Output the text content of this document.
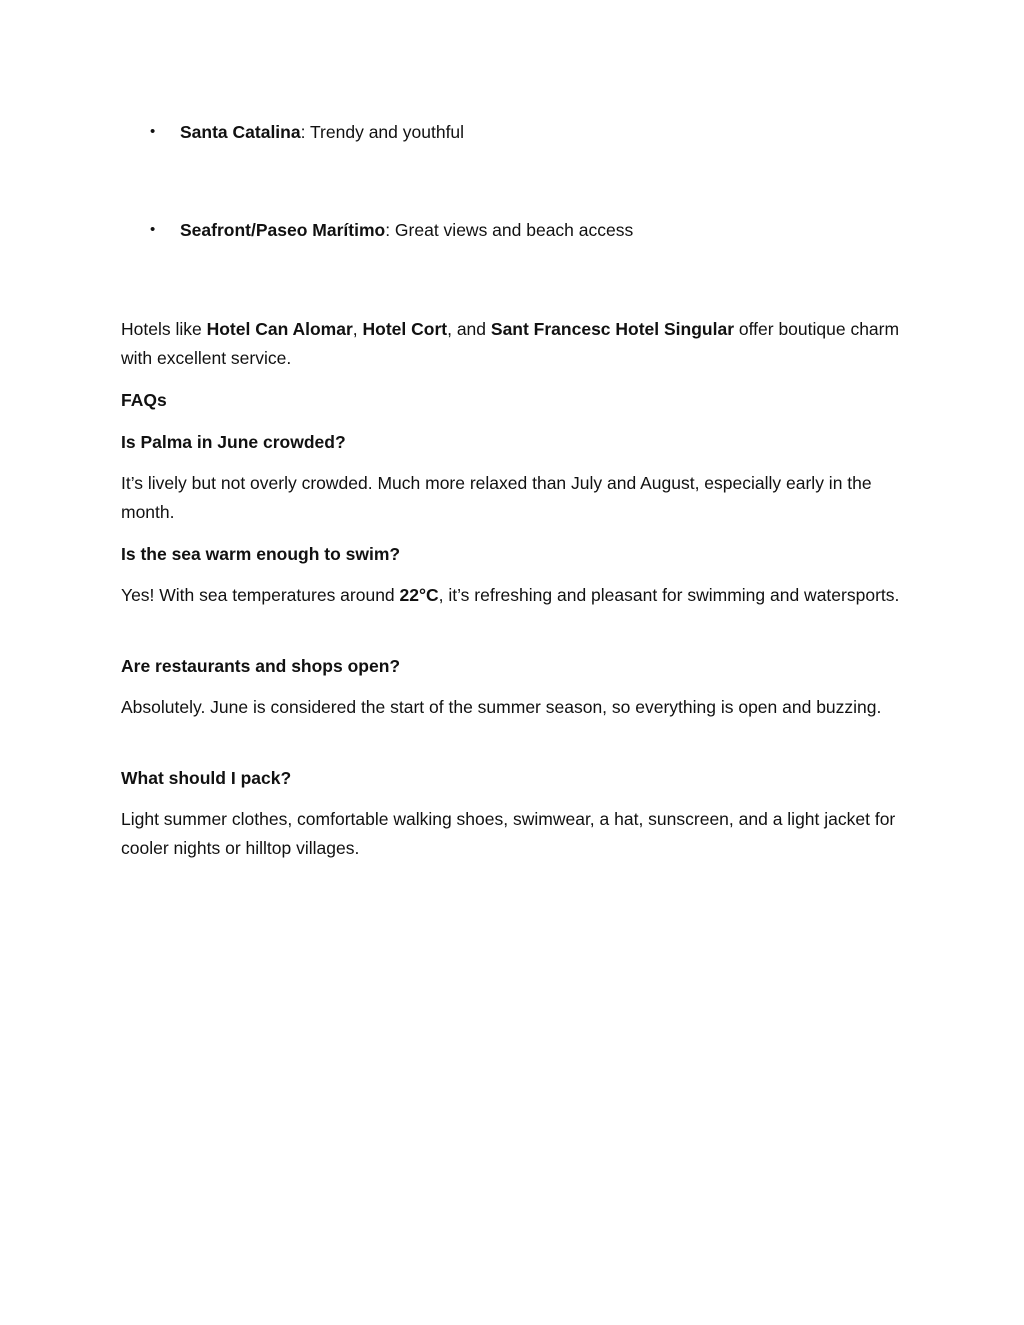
•	Santa Catalina: Trendy and youthful
•	Seafront/Paseo Marítimo: Great views and beach access

Hotels like Hotel Can Alomar, Hotel Cort, and Sant Francesc Hotel Singular offer boutique charm with excellent service.

FAQs

Is Palma in June crowded?

It’s lively but not overly crowded. Much more relaxed than July and August, especially early in the month.

Is the sea warm enough to swim?

Yes! With sea temperatures around 22°C, it’s refreshing and pleasant for swimming and watersports.

Are restaurants and shops open?

Absolutely. June is considered the start of the summer season, so everything is open and buzzing.

What should I pack?

Light summer clothes, comfortable walking shoes, swimwear, a hat, sunscreen, and a light jacket for cooler nights or hilltop villages.
